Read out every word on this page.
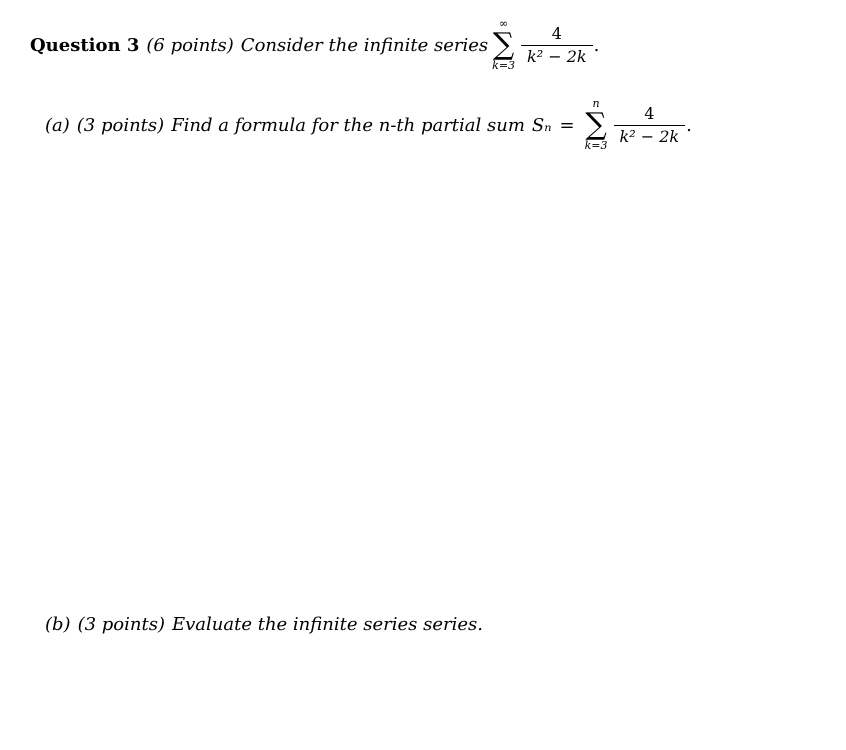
Question 3 (6 points) Consider the infinite series
∞
∑
k=3
$\frac{4}{\text{k² − 2k}}$ .
(a) (3 points) Find a formula for the n-th partial sum Sₙ =
n
∑
k=3
$\frac{4}{\text{k² − 2k}}$ .
(b) (3 points) Evaluate the infinite series series.
